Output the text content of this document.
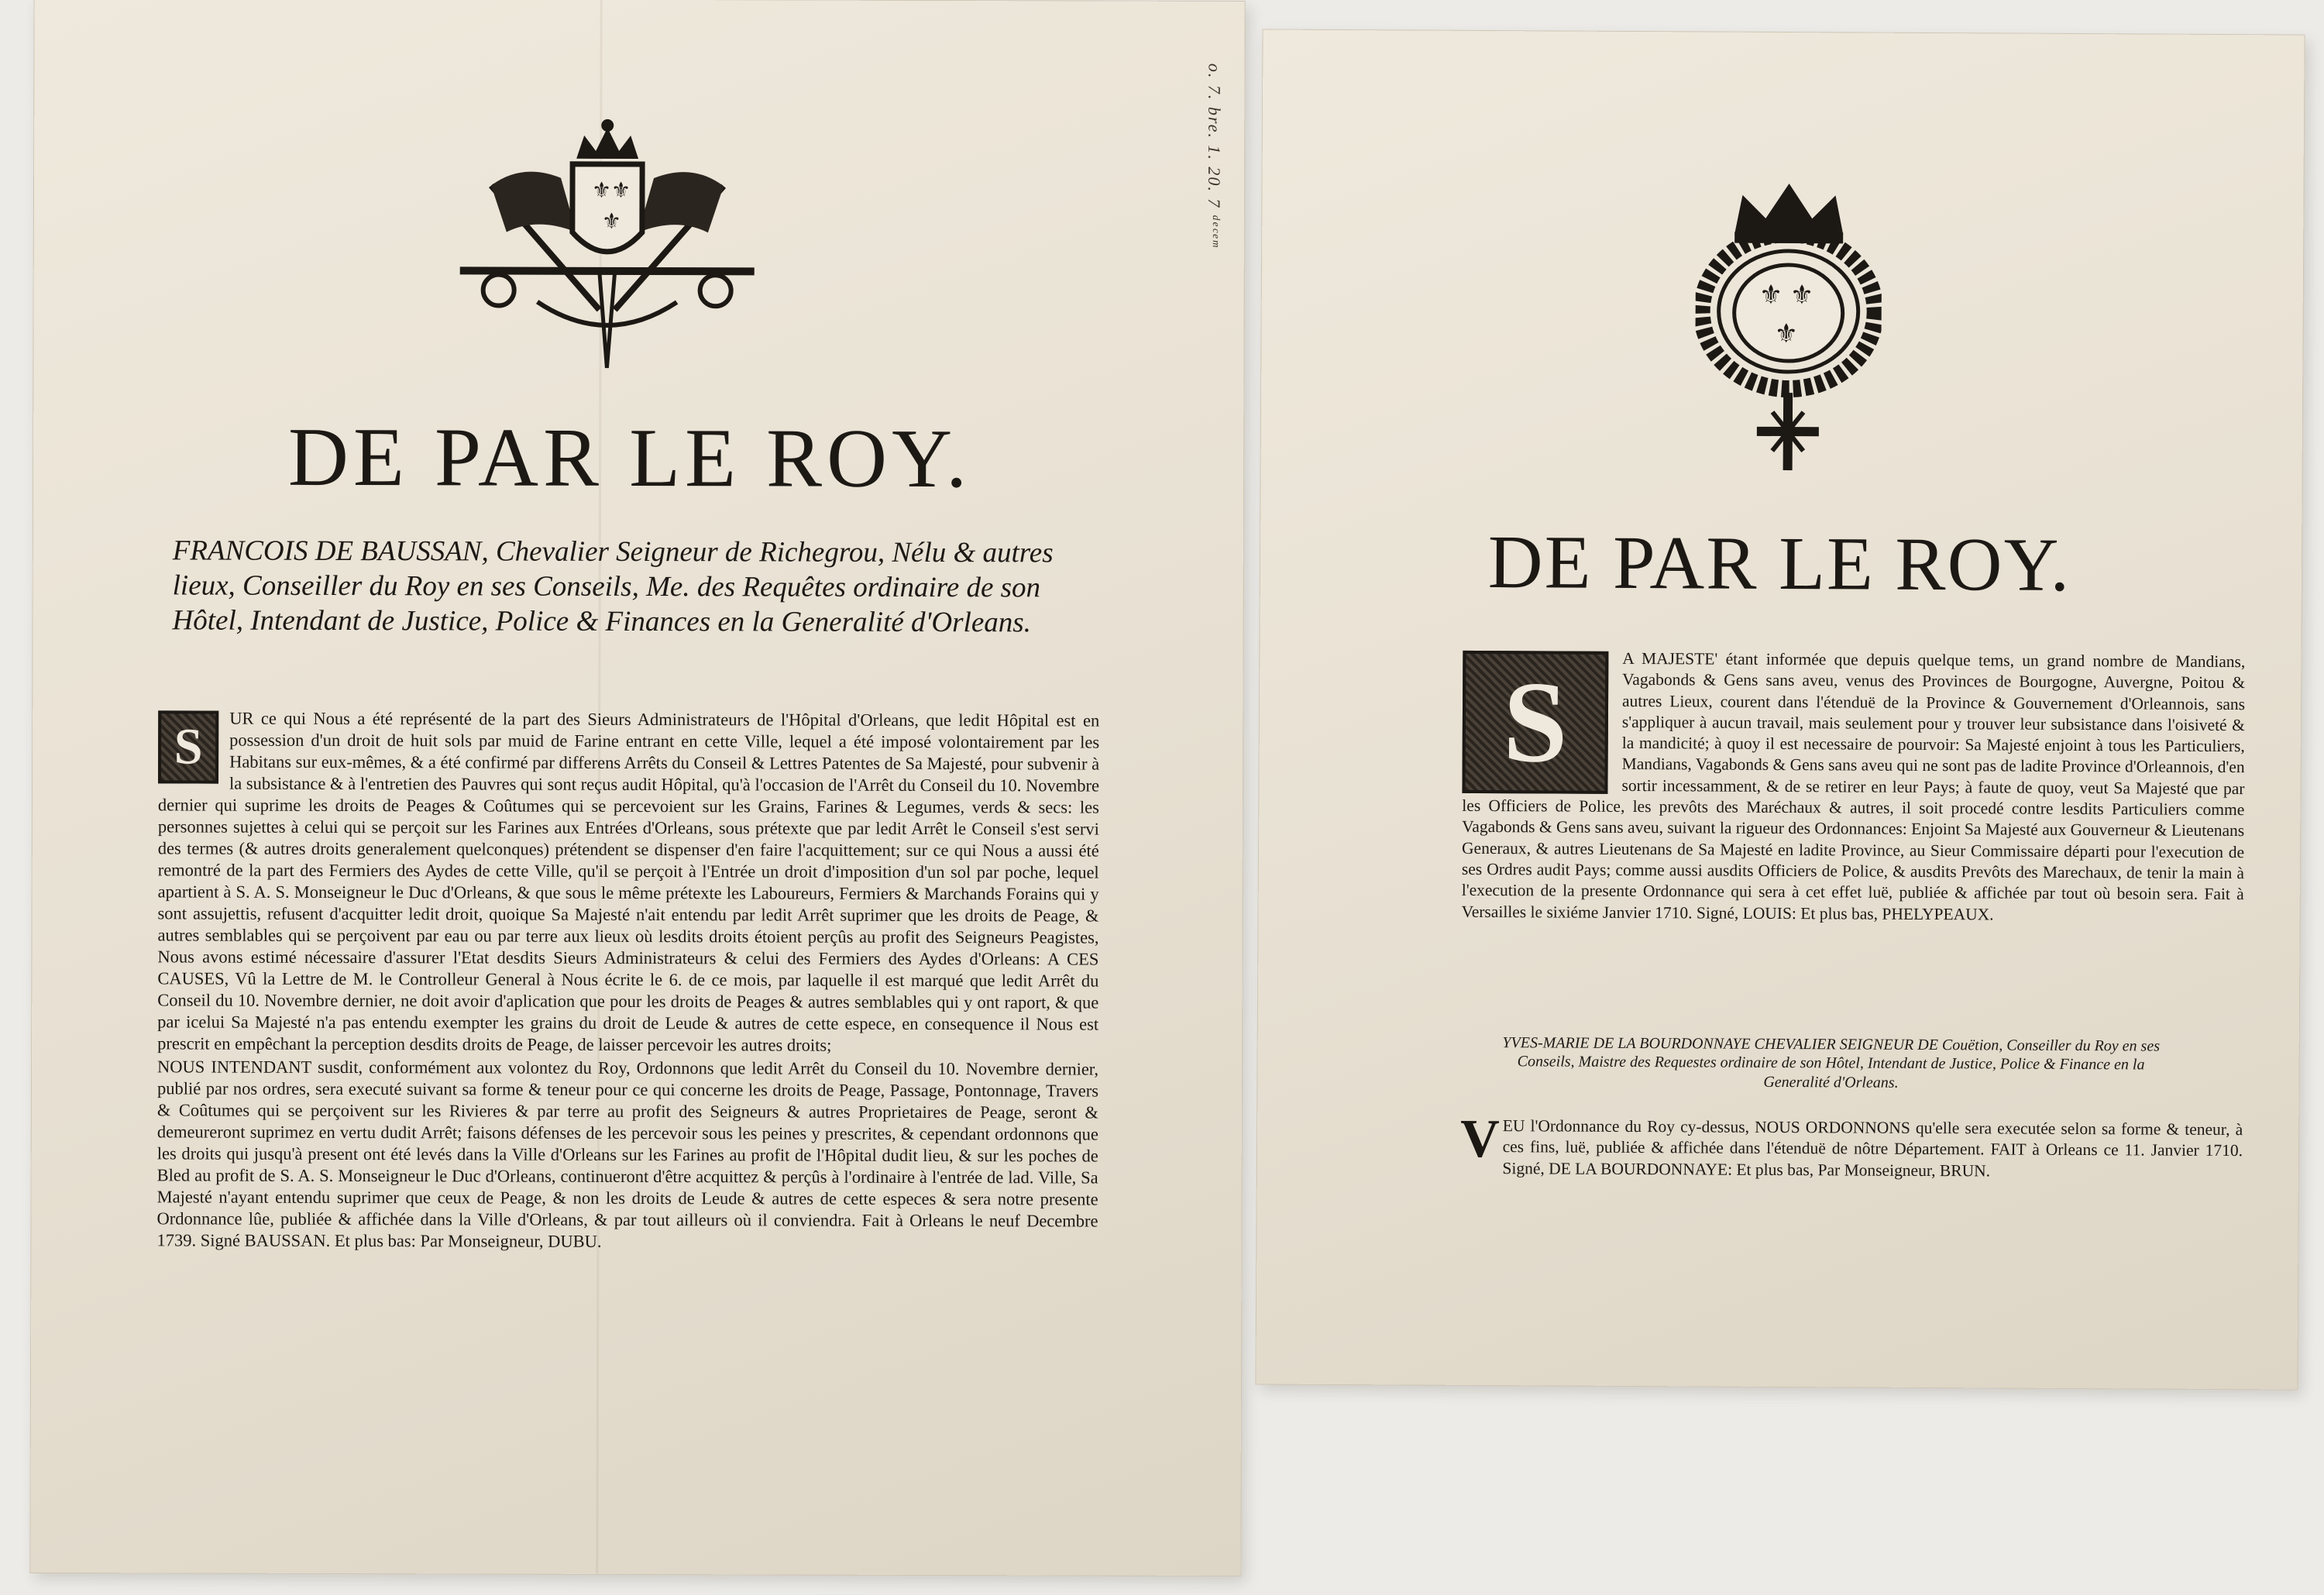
⚜ ⚜
⚜
DE PAR LE ROY.
FRANCOIS DE BAUSSAN, Chevalier Seigneur de Richegrou, Nélu & autres lieux, Conseiller du Roy en ses Conseils, Me. des Requêtes ordinaire de son Hôtel, Intendant de Justice, Police & Finances en la Generalité d'Orleans.

S	UR ce qui Nous a été représenté de la part des Sieurs Administrateurs de l'Hôpital d'Orleans, que ledit Hôpital est en possession d'un droit de huit sols par muid de Farine entrant en cette Ville, lequel a été imposé volontairement par les Habitans sur eux-mêmes, & a été confirmé par differens Arrêts du Conseil & Lettres Patentes de Sa Majesté, pour subvenir à la subsistance & à l'entretien des Pauvres qui sont reçus audit Hôpital, qu'à l'occasion de l'Arrêt du Conseil du 10. Novembre dernier qui suprime les droits de Peages & Coûtumes qui se percevoient sur les Grains, Farines & Legumes, verds & secs: les personnes sujettes à celui qui se perçoit sur les Farines aux Entrées d'Orleans, sous prétexte que par ledit Arrêt le Conseil s'est servi des termes (& autres droits generalement quelconques) prétendent se dispenser d'en faire l'acquittement; sur ce qui Nous a aussi été remontré de la part des Fermiers des Aydes de cette Ville, qu'il se perçoit à l'Entrée un droit d'imposition d'un sol par poche, lequel apartient à S. A. S. Monseigneur le Duc d'Orleans, & que sous le même prétexte les Laboureurs, Fermiers & Marchands Forains qui y sont assujettis, refusent d'acquitter ledit droit, quoique Sa Majesté n'ait entendu par ledit Arrêt suprimer que les droits de Peage, & autres semblables qui se perçoivent par eau ou par terre aux lieux où lesdits droits étoient perçûs au profit des Seigneurs Peagistes, Nous avons estimé nécessaire d'assurer l'Etat desdits Sieurs Administrateurs & celui des Fermiers des Aydes d'Orleans: A CES CAUSES, Vû la Lettre de M. le Controlleur General à Nous écrite le 6. de ce mois, par laquelle il est marqué que ledit Arrêt du Conseil du 10. Novembre dernier, ne doit avoir d'aplication que pour les droits de Peages & autres semblables qui y ont raport, & que par icelui Sa Majesté n'a pas entendu exempter les grains du droit de Leude & autres de cette espece, en consequence il Nous est prescrit en empêchant la perception desdits droits de Peage, de laisser percevoir les autres droits;

NOUS INTENDANT susdit, conformément aux volontez du Roy, Ordonnons que ledit Arrêt du Conseil du 10. Novembre dernier, publié par nos ordres, sera executé suivant sa forme & teneur pour ce qui concerne les droits de Peage, Passage, Pontonnage, Travers & Coûtumes qui se perçoivent sur les Rivieres & par terre au profit des Seigneurs & autres Proprietaires de Peage, seront & demeureront suprimez en vertu dudit Arrêt; faisons défenses de les percevoir sous les peines y prescrites, & cependant ordonnons que les droits qui jusqu'à present ont été levés dans la Ville d'Orleans sur les Farines au profit de l'Hôpital dudit lieu, & sur les poches de Bled au profit de S. A. S. Monseigneur le Duc d'Orleans, continueront d'être acquittez & perçûs à l'ordinaire à l'entrée de lad. Ville, Sa Majesté n'ayant entendu suprimer que ceux de Peage, & non les droits de Leude & autres de cette especes & sera notre presente Ordonnance lûe, publiée & affichée dans la Ville d'Orleans, & par tout ailleurs où il conviendra. Fait à Orleans le neuf Decembre 1739. Signé BAUSSAN. Et plus bas: Par Monseigneur, DUBU.

o. 7. bre. 1. 20. 7 ᵈᵉᶜᵉᵐ
⚜ ⚜
⚜
DE PAR LE ROY.

S	A MAJESTE' étant informée que depuis quelque tems, un grand nombre de Mandians, Vagabonds & Gens sans aveu, venus des Provinces de Bourgogne, Auvergne, Poitou & autres Lieux, courent dans l'étenduë de la Province & Gouvernement d'Orleannois, sans s'appliquer à aucun travail, mais seulement pour y trouver leur subsistance dans l'oisiveté & la mandicité; à quoy il est necessaire de pourvoir: Sa Majesté enjoint à tous les Particuliers, Mandians, Vagabonds & Gens sans aveu qui ne sont pas de ladite Province d'Orleannois, d'en sortir incessamment, & de se retirer en leur Pays; à faute de quoy, veut Sa Majesté que par les Officiers de Police, les prevôts des Maréchaux & autres, il soit procedé contre lesdits Particuliers comme Vagabonds & Gens sans aveu, suivant la rigueur des Ordonnances: Enjoint Sa Majesté aux Gouverneur & Lieutenans Generaux, & autres Lieutenans de Sa Majesté en ladite Province, au Sieur Commissaire départi pour l'execution de ses Ordres audit Pays; comme aussi ausdits Officiers de Police, & ausdits Prevôts des Marechaux, de tenir la main à l'execution de la presente Ordonnance qui sera à cet effet luë, publiée & affichée par tout où besoin sera. Fait à Versailles le sixiéme Janvier 1710. Signé, LOUIS: Et plus bas, PHELYPEAUX.

YVES-MARIE DE LA BOURDONNAYE CHEVALIER SEIGNEUR DE Couëtion, Conseiller du Roy en ses Conseils, Maistre des Requestes ordinaire de son Hôtel, Intendant de Justice, Police & Finance en la Generalité d'Orleans.

VEU l'Ordonnance du Roy cy-dessus, NOUS ORDONNONS qu'elle sera executée selon sa forme & teneur, à ces fins, luë, publiée & affichée dans l'étenduë de nôtre Département. FAIT à Orleans ce 11. Janvier 1710. Signé, DE LA BOURDONNAYE: Et plus bas, Par Monseigneur, BRUN.
